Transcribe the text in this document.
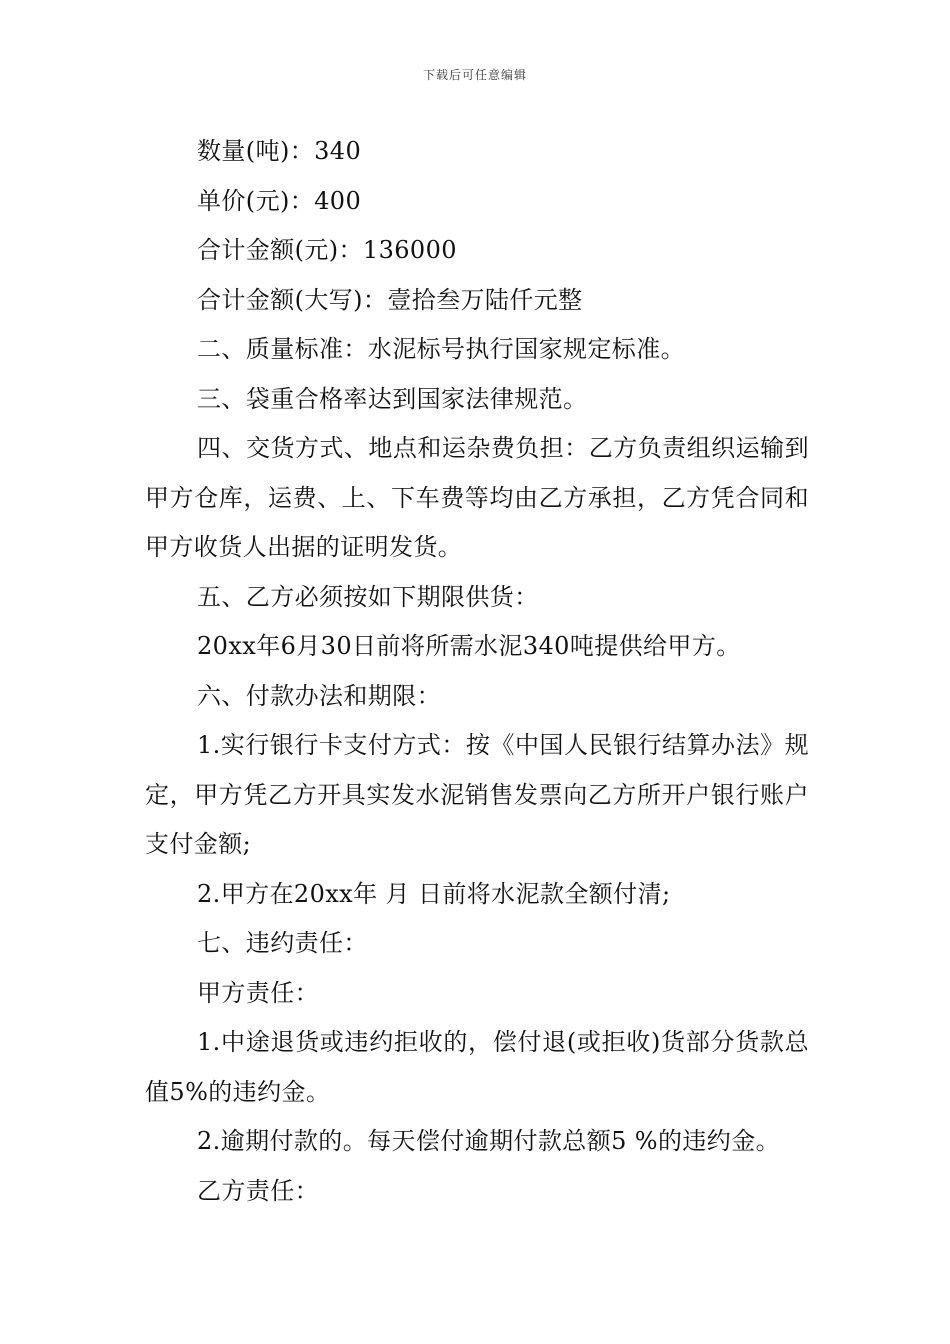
下载后可任意编辑

数量(吨)：340

单价(元)：400

合计金额(元)：136000

合计金额(大写)：壹拾叁万陆仟元整

二、质量标准：水泥标号执行国家规定标准。

三、袋重合格率达到国家法律规范。

四、交货方式、地点和运杂费负担：乙方负责组织运输到甲方仓库，运费、上、下车费等均由乙方承担，乙方凭合同和甲方收货人出据的证明发货。

五、乙方必须按如下期限供货：

20xx年6月30日前将所需水泥340吨提供给甲方。

六、付款办法和期限：

1.实行银行卡支付方式：按《中国人民银行结算办法》规定，甲方凭乙方开具实发水泥销售发票向乙方所开户银行账户支付金额;

2.甲方在20xx年 月 日前将水泥款全额付清;

七、违约责任：

甲方责任：

1.中途退货或违约拒收的，偿付退(或拒收)货部分货款总值5%的违约金。

2.逾期付款的。每天偿付逾期付款总额5 %的违约金。

乙方责任：
